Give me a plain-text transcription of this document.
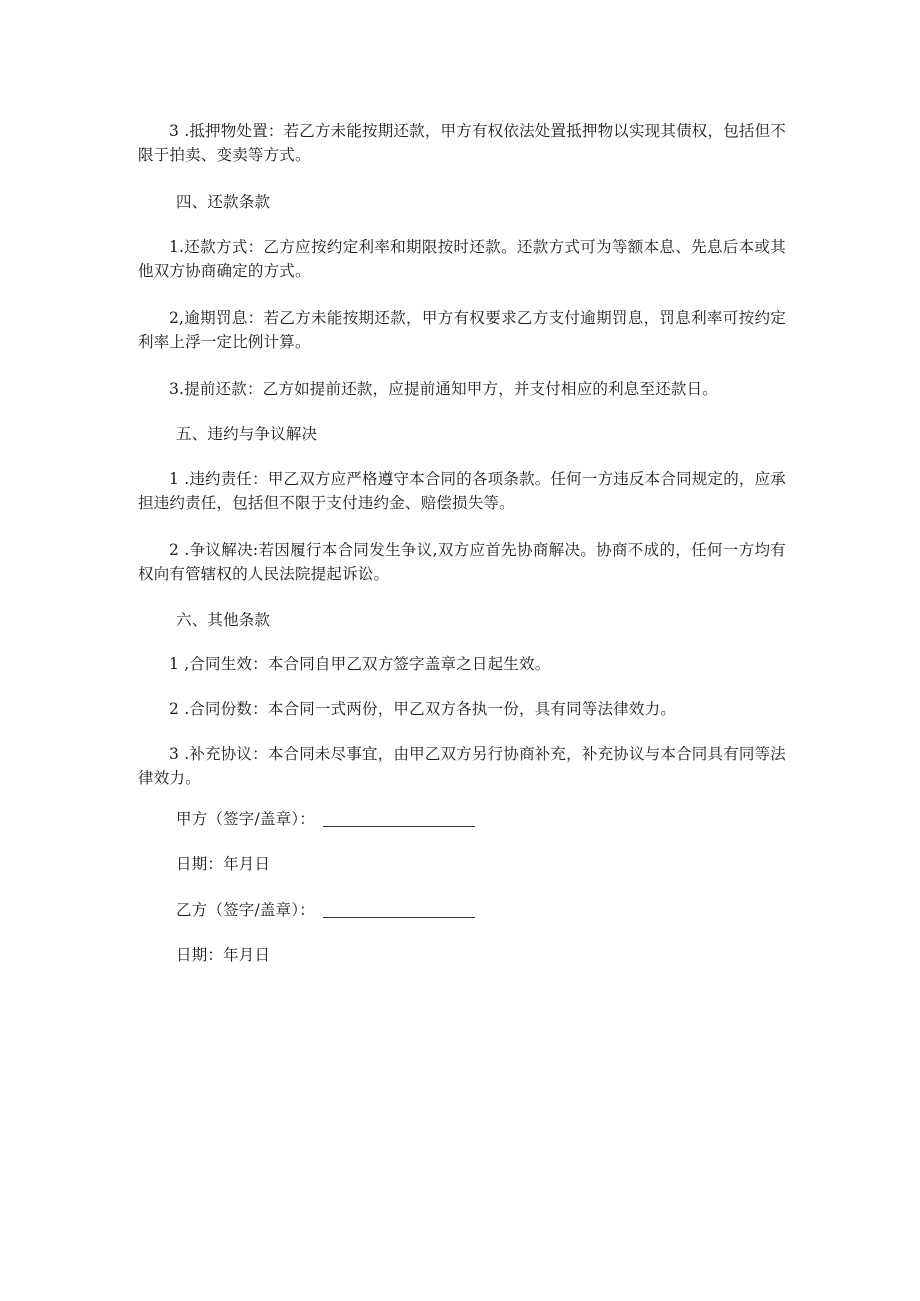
3 .抵押物处置：若乙方未能按期还款，甲方有权依法处置抵押物以实现其债权，包括但不限于拍卖、变卖等方式。
四、还款条款
1.还款方式：乙方应按约定利率和期限按时还款。还款方式可为等额本息、先息后本或其他双方协商确定的方式。
2,逾期罚息：若乙方未能按期还款，甲方有权要求乙方支付逾期罚息，罚息利率可按约定利率上浮一定比例计算。
3.提前还款：乙方如提前还款，应提前通知甲方，并支付相应的利息至还款日。
五、违约与争议解决
1 .违约责任：甲乙双方应严格遵守本合同的各项条款。任何一方违反本合同规定的，应承担违约责任，包括但不限于支付违约金、赔偿损失等。
2 .争议解决:若因履行本合同发生争议,双方应首先协商解决。协商不成的，任何一方均有权向有管辖权的人民法院提起诉讼。
六、其他条款
1 ,合同生效：本合同自甲乙双方签字盖章之日起生效。
2 .合同份数：本合同一式两份，甲乙双方各执一份，具有同等法律效力。
3 .补充协议：本合同未尽事宜，由甲乙双方另行协商补充，补充协议与本合同具有同等法律效力。
甲方（签字/盖章）：
日期：年月日
乙方（签字/盖章）：
日期：年月日
